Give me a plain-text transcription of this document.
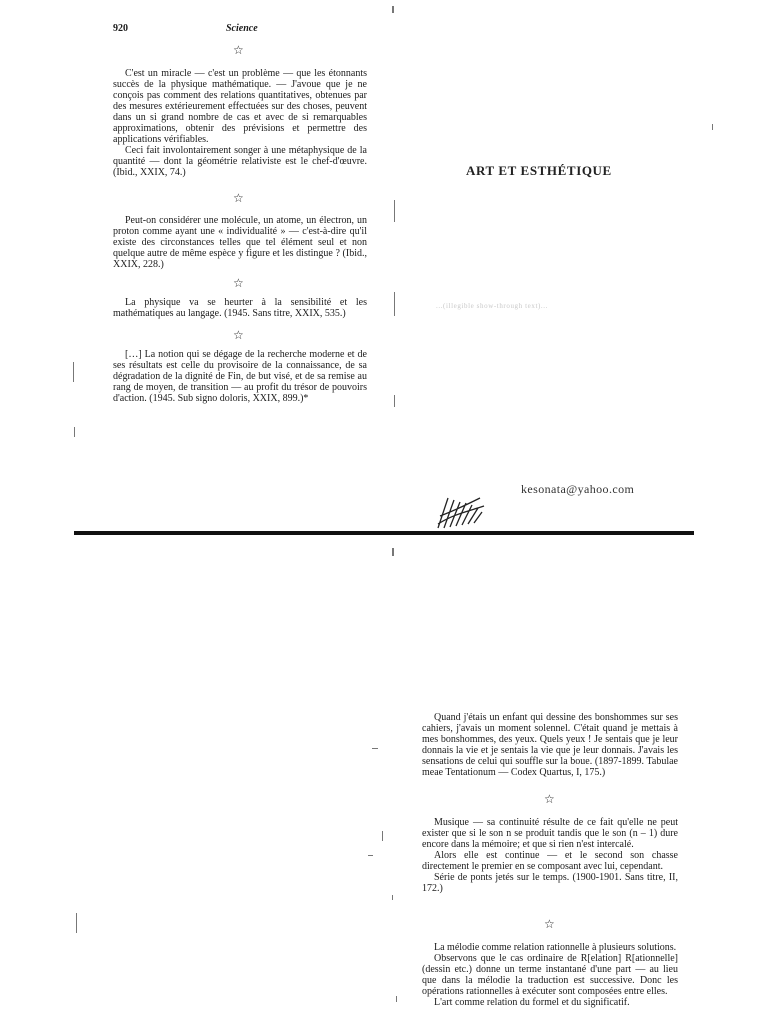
920	Science
☆

C'est un miracle — c'est un problème — que les étonnants succès de la physique mathématique. — J'avoue que je ne conçois pas comment des relations quantitatives, obtenues par des mesures extérieurement effectuées sur des choses, peuvent dans un si grand nombre de cas et avec de si remarquables approximations, obtenir des prévisions et permettre des applications vérifiables.

Ceci fait involontairement songer à une métaphysique de la quantité — dont la géométrie relativiste est le chef-d'œuvre. (Ibid., XXIX, 74.)

☆

Peut-on considérer une molécule, un atome, un électron, un proton comme ayant une « individualité » — c'est-à-dire qu'il existe des circonstances telles que tel élément seul et non quelque autre de même espèce y figure et les distingue ? (Ibid., XXIX, 228.)

☆

La physique va se heurter à la sensibilité et les mathématiques au langage. (1945. Sans titre, XXIX, 535.)

☆

[…] La notion qui se dégage de la recherche moderne et de ses résultats est celle du provisoire de la connaissance, de sa dégradation de la dignité de Fin, de but visé, et de sa remise au rang de moyen, de transition — au profit du trésor de pouvoirs d'action. (1945. Sub signo doloris, XXIX, 899.)*

ART ET ESTHÉTIQUE
...(illegible show-through text)...
kesonata@yahoo.com

Quand j'étais un enfant qui dessine des bonshommes sur ses cahiers, j'avais un moment solennel. C'était quand je mettais à mes bonshommes, des yeux. Quels yeux ! Je sentais que je leur donnais la vie et je sentais la vie que je leur donnais. J'avais les sensations de celui qui souffle sur la boue. (1897-1899. Tabulae meae Tentationum — Codex Quartus, I, 175.)

☆

Musique — sa continuité résulte de ce fait qu'elle ne peut exister que si le son n se produit tandis que le son (n – 1) dure encore dans la mémoire; et que si rien n'est intercalé.

Alors elle est continue — et le second son chasse directement le premier en se composant avec lui, cependant.

Série de ponts jetés sur le temps. (1900-1901. Sans titre, II, 172.)

☆

La mélodie comme relation rationnelle à plusieurs solutions.

Observons que le cas ordinaire de R[elation] R[ationnelle] (dessin etc.) donne un terme instantané d'une part — au lieu que dans la mélodie la traduction est successive. Donc les opérations rationnelles à exécuter sont composées entre elles.

L'art comme relation du formel et du significatif.
